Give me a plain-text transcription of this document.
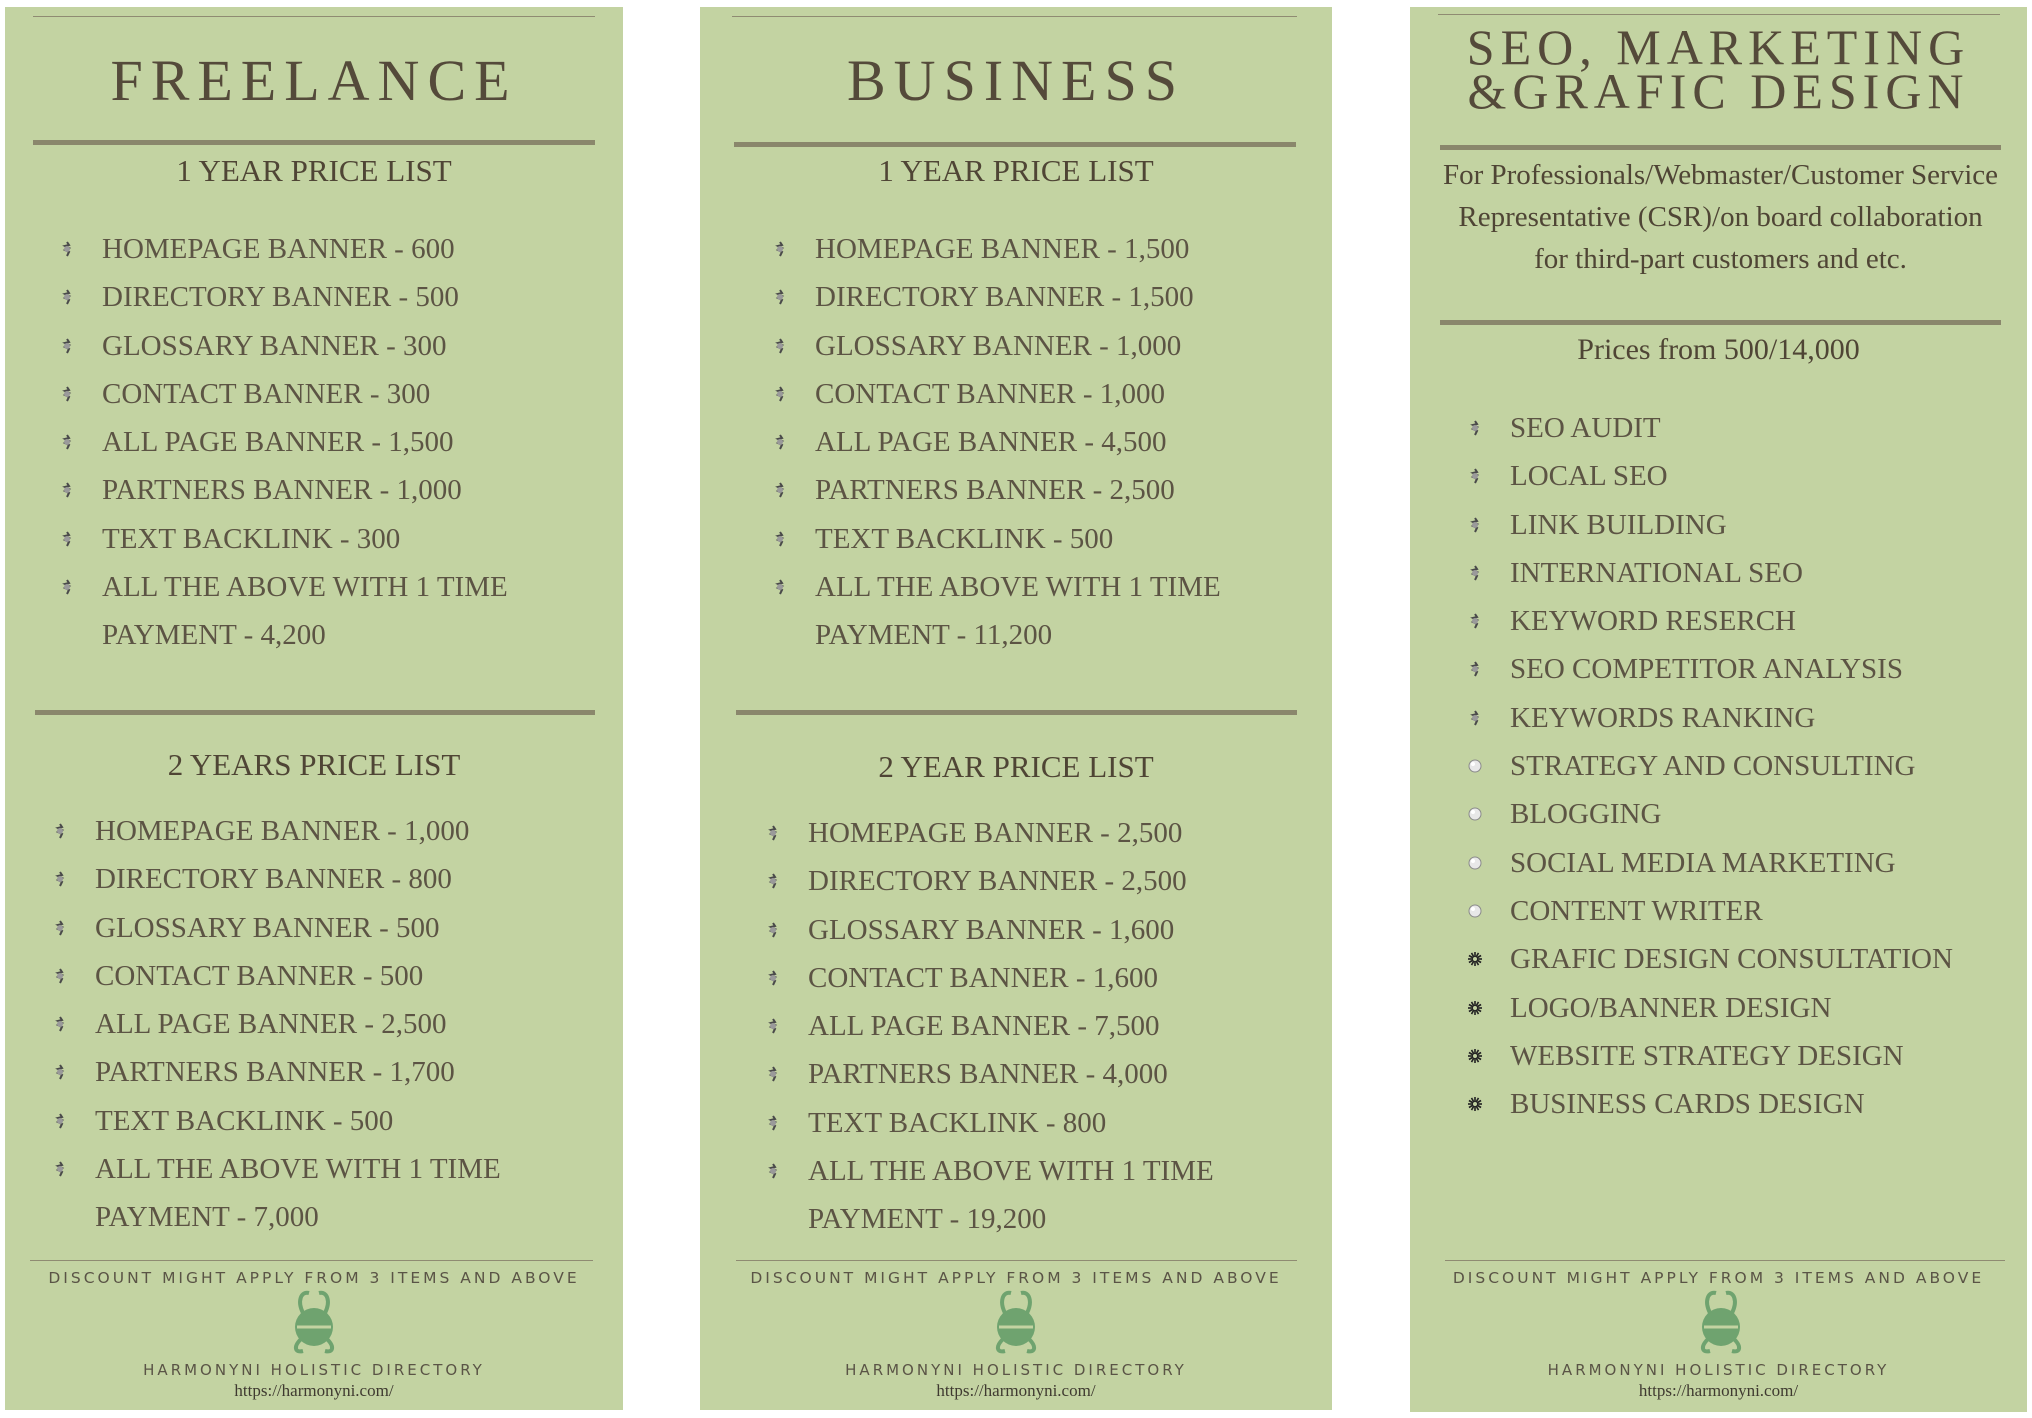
FREELANCE
1 YEAR PRICE LIST
HOMEPAGE BANNER - 600
DIRECTORY BANNER - 500
GLOSSARY BANNER - 300
CONTACT BANNER - 300
ALL PAGE BANNER - 1,500
PARTNERS BANNER - 1,000
TEXT BACKLINK - 300
ALL THE ABOVE WITH 1 TIME PAYMENT - 4,200
2 YEARS PRICE LIST
HOMEPAGE BANNER - 1,000
DIRECTORY BANNER - 800
GLOSSARY BANNER - 500
CONTACT BANNER - 500
ALL PAGE BANNER - 2,500
PARTNERS BANNER - 1,700
TEXT BACKLINK - 500
ALL THE ABOVE WITH 1 TIME PAYMENT - 7,000
DISCOUNT MIGHT APPLY FROM 3 ITEMS AND ABOVE
HARMONYNI HOLISTIC DIRECTORY
https://harmonyni.com/
BUSINESS
1 YEAR PRICE LIST
HOMEPAGE BANNER - 1,500
DIRECTORY BANNER - 1,500
GLOSSARY BANNER - 1,000
CONTACT BANNER - 1,000
ALL PAGE BANNER - 4,500
PARTNERS BANNER - 2,500
TEXT BACKLINK - 500
ALL THE ABOVE WITH 1 TIME PAYMENT - 11,200
2 YEAR PRICE LIST
HOMEPAGE BANNER - 2,500
DIRECTORY BANNER - 2,500
GLOSSARY BANNER - 1,600
CONTACT BANNER - 1,600
ALL PAGE BANNER - 7,500
PARTNERS BANNER - 4,000
TEXT BACKLINK - 800
ALL THE ABOVE WITH 1 TIME PAYMENT - 19,200
DISCOUNT MIGHT APPLY FROM 3 ITEMS AND ABOVE
HARMONYNI HOLISTIC DIRECTORY
https://harmonyni.com/
SEO, MARKETING
&GRAFIC DESIGN
For Professionals/Webmaster/Customer Service Representative (CSR)/on board collaboration for third-part customers and etc.
Prices from 500/14,000
SEO AUDIT
LOCAL SEO
LINK BUILDING
INTERNATIONAL SEO
KEYWORD RESERCH
SEO COMPETITOR ANALYSIS
KEYWORDS RANKING
STRATEGY AND CONSULTING
BLOGGING
SOCIAL MEDIA MARKETING
CONTENT WRITER
GRAFIC DESIGN CONSULTATION
LOGO/BANNER DESIGN
WEBSITE STRATEGY DESIGN
BUSINESS CARDS DESIGN
DISCOUNT MIGHT APPLY FROM 3 ITEMS AND ABOVE
HARMONYNI HOLISTIC DIRECTORY
https://harmonyni.com/
